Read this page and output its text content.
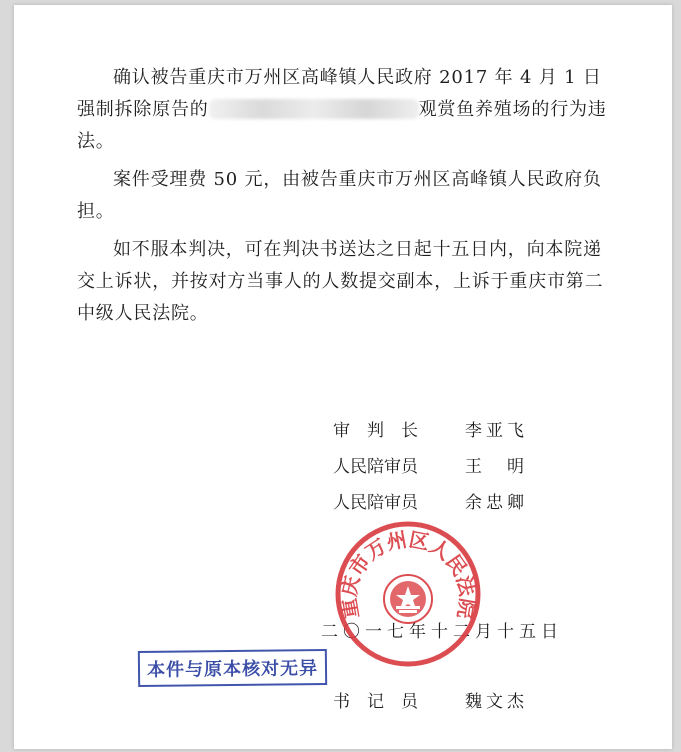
确认被告重庆市万州区高峰镇人民政府 2017 年 4 月 1 日强制拆除原告的	观赏鱼养殖场的行为违法。

案件受理费 50 元，由被告重庆市万州区高峰镇人民政府负担。

如不服本判决，可在判决书送达之日起十五日内，向本院递交上诉状，并按对方当事人的人数提交副本，上诉于重庆市第二中级人民法院。

审　判　长	李亚飞
人民陪审员	王　明
人民陪审员	余忠卿
二〇一七年十二月十五日
重庆市万州区人民法院
书　记　员	魏文杰
本件与原本核对无异
